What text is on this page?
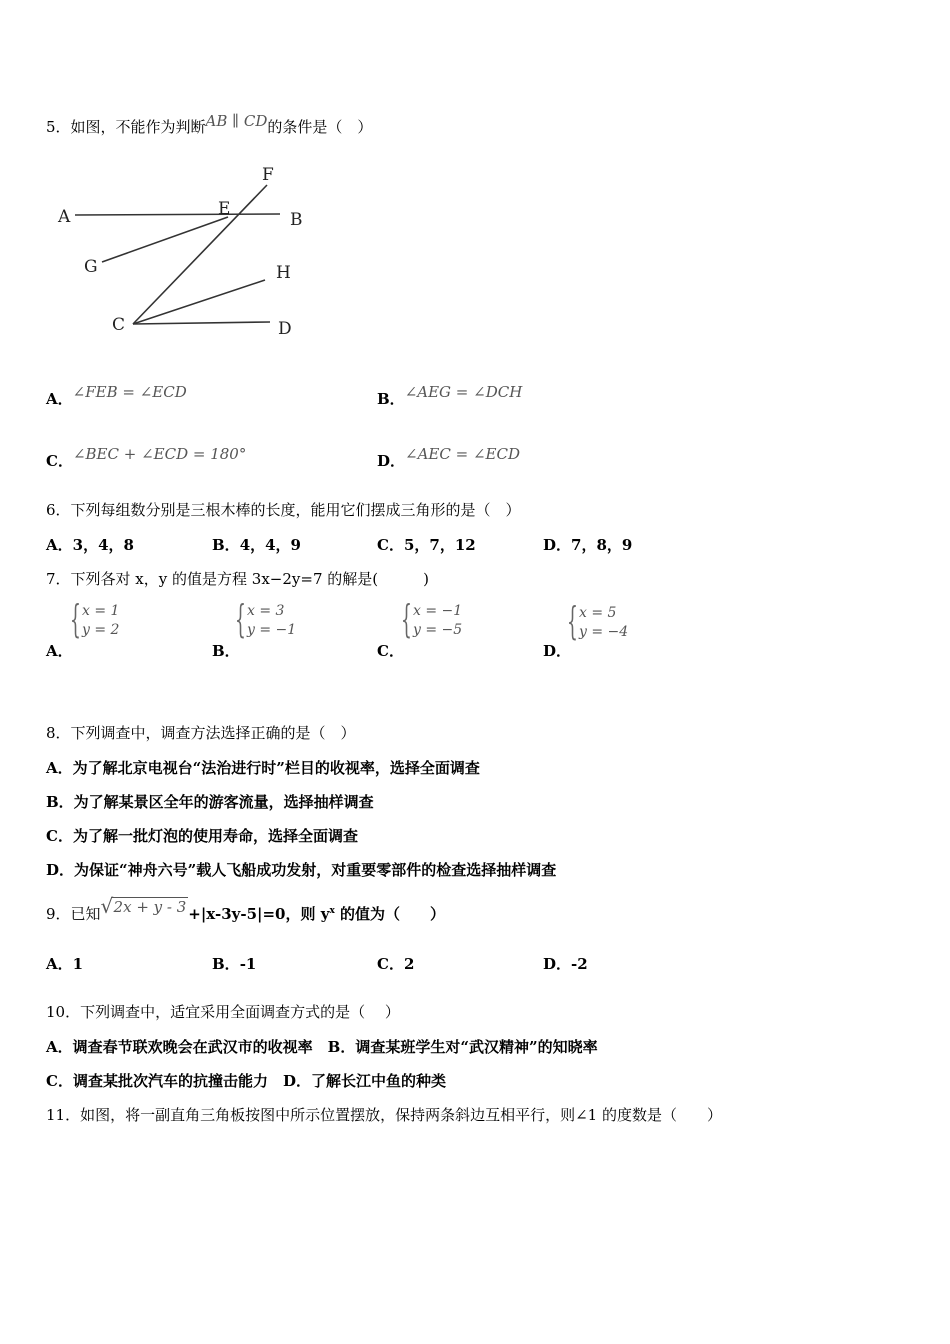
5．如图，不能作为判断AB ∥ CD的条件是（　）
A	E
F
B
G	H
C	D
A．∠FEB = ∠ECD	B．∠AEG = ∠DCH
C．∠BEC + ∠ECD = 180°	D．∠AEC = ∠ECD
6．下列每组数分别是三根木棒的长度，能用它们摆成三角形的是（　）
A．3，4，8	B．4，4，9	C．5，7，12	D．7，8，9
7．下列各对 x，y 的值是方程 3x−2y=7 的解是(　　　)
{ x = 1
y = 2
A．
{ x = 3
y = −1
B．
{ x = −1
y = −5
C．
{ x = 5
y = −4
D．
8．下列调查中，调查方法选择正确的是（　）
A．为了解北京电视台“法治进行时”栏目的收视率，选择全面调查
B．为了解某景区全年的游客流量，选择抽样调查
C．为了解一批灯泡的使用寿命，选择全面调查
D．为保证“神舟六号”载人飞船成功发射，对重要零部件的检查选择抽样调查
9．已知 √ 2x + y - 3 +|x-3y-5|=0，则 $y^x$ 的值为（　　）
A．1	B．-1	C．2	D．-2
10．下列调查中，适宜采用全面调查方式的是（　 ）
A．调查春节联欢晚会在武汉市的收视率　B．调查某班学生对“武汉精神”的知晓率
C．调查某批次汽车的抗撞击能力　D．了解长江中鱼的种类
11．如图，将一副直角三角板按图中所示位置摆放，保持两条斜边互相平行，则∠1 的度数是（　　）
